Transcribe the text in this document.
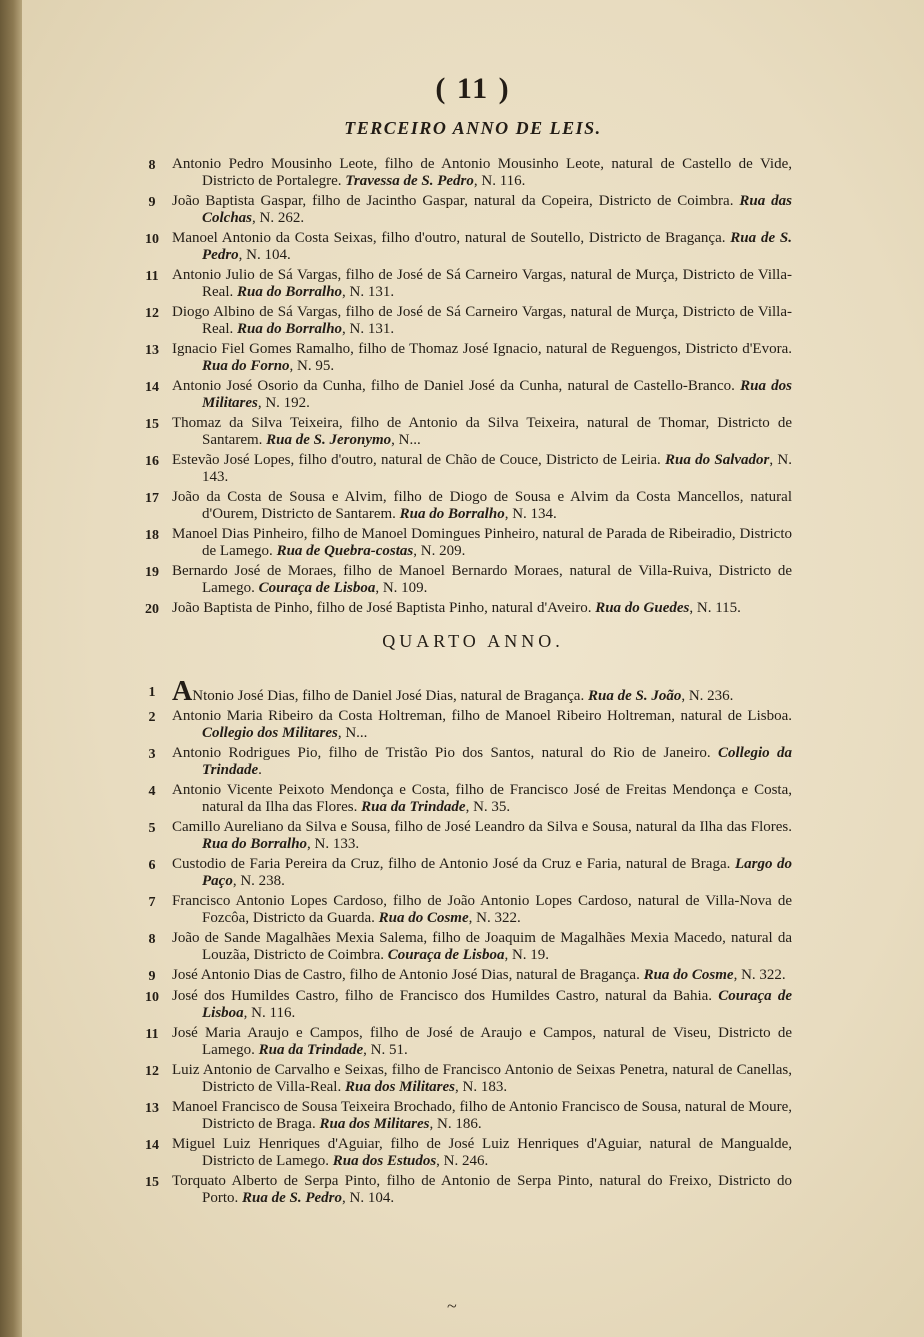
( 11 )
TERCEIRO ANNO DE LEIS.
8	Antonio Pedro Mousinho Leote, filho de Antonio Mousinho Leote, natural de Castello de Vide, Districto de Portalegre. Travessa de S. Pedro, N. 116.
9	João Baptista Gaspar, filho de Jacintho Gaspar, natural da Copeira, Districto de Coimbra. Rua das Colchas, N. 262.
10 Manoel Antonio da Costa Seixas, filho d'outro, natural de Soutello, Districto de Bragança. Rua de S. Pedro, N. 104.
11 Antonio Julio de Sá Vargas, filho de José de Sá Carneiro Vargas, natural de Murça, Districto de Villa-Real. Rua do Borralho, N. 131.
12 Diogo Albino de Sá Vargas, filho de José de Sá Carneiro Vargas, natural de Murça, Districto de Villa-Real. Rua do Borralho, N. 131.
13 Ignacio Fiel Gomes Ramalho, filho de Thomaz José Ignacio, natural de Reguengos, Districto d'Evora. Rua do Forno, N. 95.
14 Antonio José Osorio da Cunha, filho de Daniel José da Cunha, natural de Castello-Branco. Rua dos Militares, N. 192.
15 Thomaz da Silva Teixeira, filho de Antonio da Silva Teixeira, natural de Thomar, Districto de Santarem. Rua de S. Jeronymo, N...
16 Estevão José Lopes, filho d'outro, natural de Chão de Couce, Districto de Leiria. Rua do Salvador, N. 143.
17 João da Costa de Sousa e Alvim, filho de Diogo de Sousa e Alvim da Costa Mancellos, natural d'Ourem, Districto de Santarem. Rua do Borralho, N. 134.
18 Manoel Dias Pinheiro, filho de Manoel Domingues Pinheiro, natural de Parada de Ribeiradio, Districto de Lamego. Rua de Quebra-costas, N. 209.
19 Bernardo José de Moraes, filho de Manoel Bernardo Moraes, natural de Villa-Ruiva, Districto de Lamego. Couraça de Lisboa, N. 109.
20 João Baptista de Pinho, filho de José Baptista Pinho, natural d'Aveiro. Rua do Guedes, N. 115.
QUARTO ANNO.
1 ANtonio José Dias, filho de Daniel José Dias, natural de Bragança. Rua de S. João, N. 236.
2	Antonio Maria Ribeiro da Costa Holtreman, filho de Manoel Ribeiro Holtreman, natural de Lisboa. Collegio dos Militares, N...
3	Antonio Rodrigues Pio, filho de Tristão Pio dos Santos, natural do Rio de Janeiro. Collegio da Trindade.
4	Antonio Vicente Peixoto Mendonça e Costa, filho de Francisco José de Freitas Mendonça e Costa, natural da Ilha das Flores. Rua da Trindade, N. 35.
5	Camillo Aureliano da Silva e Sousa, filho de José Leandro da Silva e Sousa, natural da Ilha das Flores. Rua do Borralho, N. 133.
6	Custodio de Faria Pereira da Cruz, filho de Antonio José da Cruz e Faria, natural de Braga. Largo do Paço, N. 238.
7	Francisco Antonio Lopes Cardoso, filho de João Antonio Lopes Cardoso, natural de Villa-Nova de Fozcôa, Districto da Guarda. Rua do Cosme, N. 322.
8	João de Sande Magalhães Mexia Salema, filho de Joaquim de Magalhães Mexia Macedo, natural da Louzãa, Districto de Coimbra. Couraça de Lisboa, N. 19.
9	José Antonio Dias de Castro, filho de Antonio José Dias, natural de Bragança. Rua do Cosme, N. 322.
10 José dos Humildes Castro, filho de Francisco dos Humildes Castro, natural da Bahia. Couraça de Lisboa, N. 116.
11 José Maria Araujo e Campos, filho de José de Araujo e Campos, natural de Viseu, Districto de Lamego. Rua da Trindade, N. 51.
12 Luiz Antonio de Carvalho e Seixas, filho de Francisco Antonio de Seixas Penetra, natural de Canellas, Districto de Villa-Real. Rua dos Militares, N. 183.
13 Manoel Francisco de Sousa Teixeira Brochado, filho de Antonio Francisco de Sousa, natural de Moure, Districto de Braga. Rua dos Militares, N. 186.
14 Miguel Luiz Henriques d'Aguiar, filho de José Luiz Henriques d'Aguiar, natural de Mangualde, Districto de Lamego. Rua dos Estudos, N. 246.
15 Torquato Alberto de Serpa Pinto, filho de Antonio de Serpa Pinto, natural do Freixo, Districto do Porto. Rua de S. Pedro, N. 104.
~
